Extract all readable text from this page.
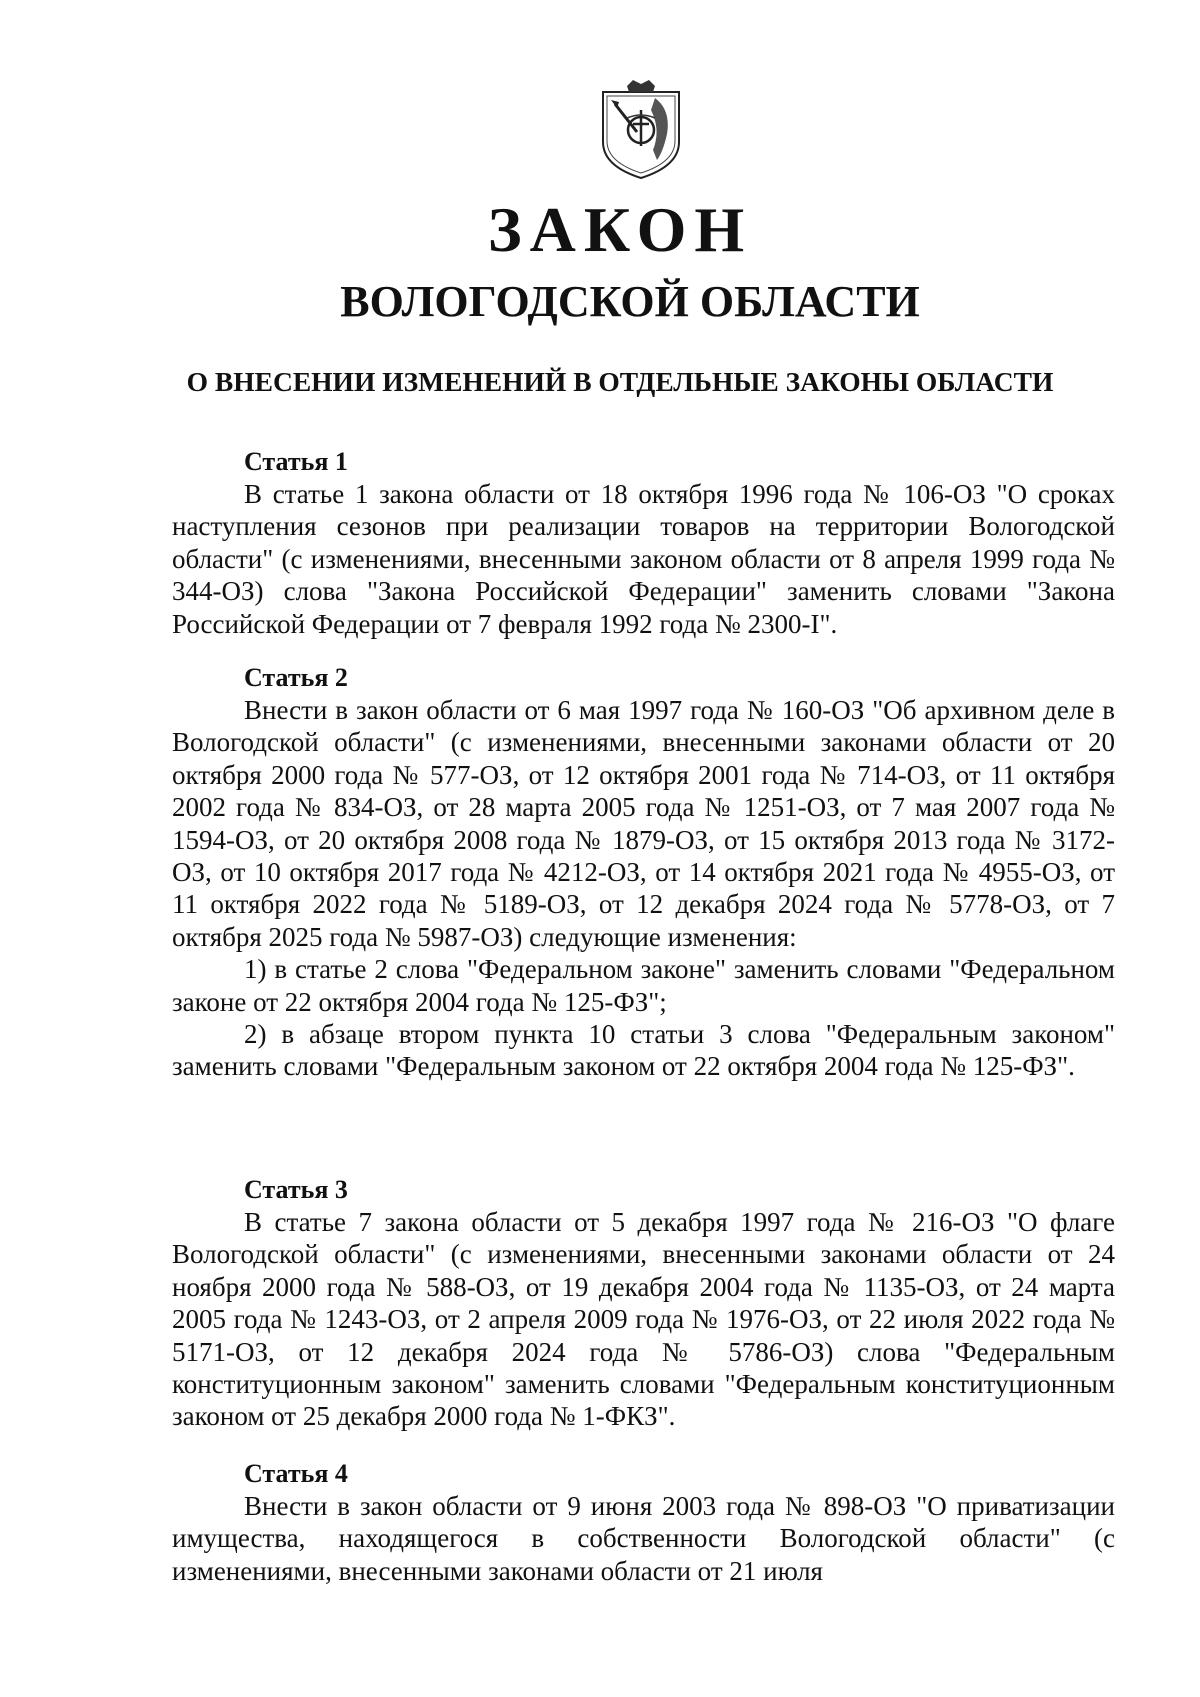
ЗАКОН
ВОЛОГОДСКОЙ ОБЛАСТИ
О ВНЕСЕНИИ ИЗМЕНЕНИЙ В ОТДЕЛЬНЫЕ ЗАКОНЫ ОБЛАСТИ
Статья 1

В статье 1 закона области от 18 октября 1996 года № 106-ОЗ "О сроках наступления сезонов при реализации товаров на территории Вологодской области" (с изменениями, внесенными законом области от 8 апреля 1999 года № 344-ОЗ) слова "Закона Российской Федерации" заменить словами "Закона Российской Федерации от 7 февраля 1992 года № 2300-I".

Статья 2

Внести в закон области от 6 мая 1997 года № 160-ОЗ "Об архивном деле в Вологодской области" (с изменениями, внесенными законами области от 20 октября 2000 года № 577-ОЗ, от 12 октября 2001 года № 714-ОЗ, от 11 октября 2002 года № 834-ОЗ, от 28 марта 2005 года № 1251-ОЗ, от 7 мая 2007 года № 1594-ОЗ, от 20 октября 2008 года № 1879-ОЗ, от 15 октября 2013 года № 3172-ОЗ, от 10 октября 2017 года № 4212-ОЗ, от 14 октября 2021 года № 4955-ОЗ, от 11 октября 2022 года № 5189-ОЗ, от 12 декабря 2024 года № 5778-ОЗ, от 7 октября 2025 года № 5987-ОЗ) следующие изменения:

1) в статье 2 слова "Федеральном законе" заменить словами "Федеральном законе от 22 октября 2004 года № 125-ФЗ";

2) в абзаце втором пункта 10 статьи 3 слова "Федеральным законом" заменить словами "Федеральным законом от 22 октября 2004 года № 125-ФЗ".

Статья 3

В статье 7 закона области от 5 декабря 1997 года № 216-ОЗ "О флаге Вологодской области" (с изменениями, внесенными законами области от 24 ноября 2000 года № 588-ОЗ, от 19 декабря 2004 года № 1135-ОЗ, от 24 марта 2005 года № 1243-ОЗ, от 2 апреля 2009 года № 1976-ОЗ, от 22 июля 2022 года № 5171-ОЗ, от 12 декабря 2024 года № 5786-ОЗ) слова "Федеральным конституционным законом" заменить словами "Федеральным конституционным законом от 25 декабря 2000 года № 1-ФКЗ".

Статья 4

Внести в закон области от 9 июня 2003 года № 898-ОЗ "О приватизации имущества, находящегося в собственности Вологодской области" (с изменениями, внесенными законами области от 21 июля
